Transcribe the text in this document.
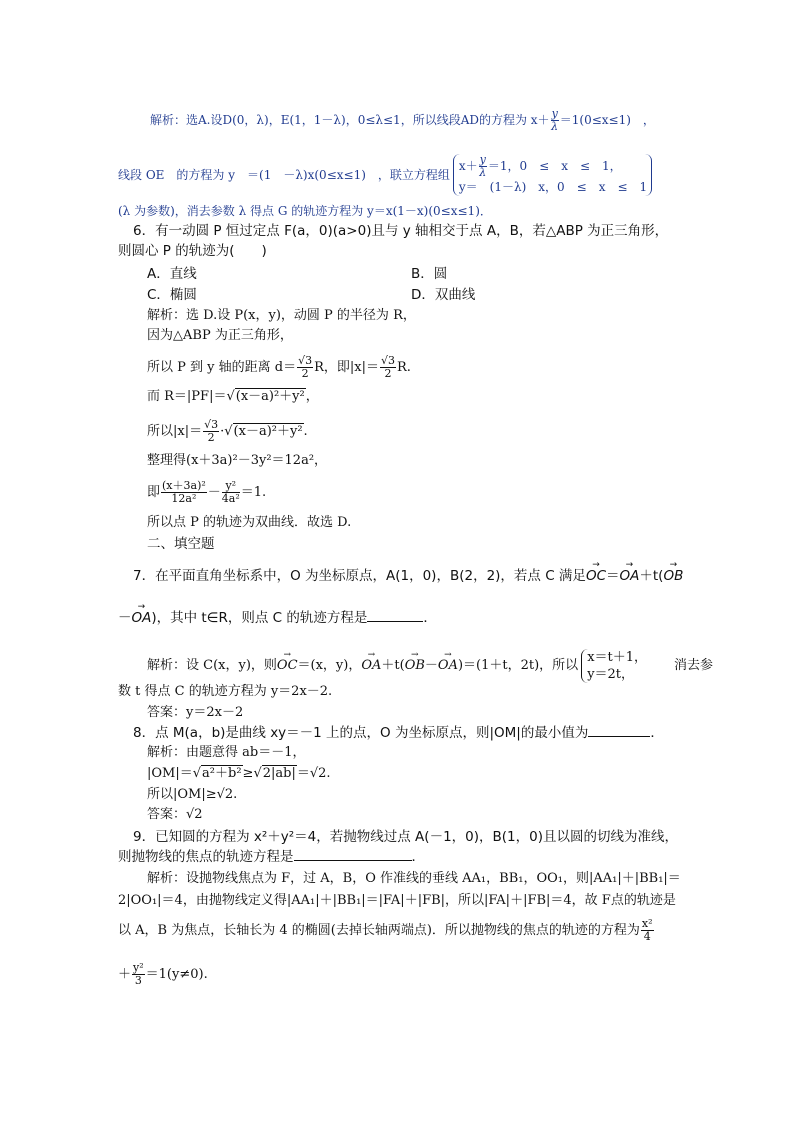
解析：选A.设D(0，λ)，E(1，1－λ)，0≤λ≤1，所以线段AD的方程为 $x+ \frac{y}{\lambda} =1(0\le x\le 1)$　，
线段 OE　的方程为 y　＝(1　－λ)x(0≤x≤1)　，联立方程组
$x+ \frac{y}{\lambda} =1$，0　≤　x　≤　1，
y＝　(1－λ)　x，0　≤　x　≤　1
(λ 为参数)，消去参数 λ 得点 G 的轨迹方程为 y＝x(1－x)(0≤x≤1)．
6．有一动圆 P 恒过定点 F(a，0)(a>0)且与 y 轴相交于点 A，B，若△ABP 为正三角形，
则圆心 P 的轨迹为(　　)
A．直线	B．圆
C．椭圆	D．双曲线
解析：选 D.设 P(x，y)，动圆 P 的半径为 R，
因为△ABP 为正三角形，
所以 P 到 y 轴的距离 $d= \frac{√3}{2}$ R，即$|x|= \frac{√3}{2} R$.
而 R＝|PF|＝√(x－a)²＋y²，
所以$|x|= \frac{√3}{2} \cdot√(x-a)^2+y^2$.
整理得(x＋3a)²－3y²＝12a²，
即 $\frac{\text{(x＋3a)²}}{\text{12a²}} - \frac{\text{y²}}{\text{4a²}} =1$.
所以点 P 的轨迹为双曲线．故选 D.
二、填空题
7．在平面直角坐标系中，O 为坐标原点，A(1，0)，B(2，2)，若点 C 满足→ OC＝→ OA＋t(→ OB
－→ OA)，其中 t∈R，则点 C 的轨迹方程是	．
解析：设 C(x，y)，则→ OC＝(x，y)，→ OA＋t(→ OB－→ OA)＝(1＋t，2t)，所以
x＝t＋1，
y＝2t，
消去参
数 t 得点 C 的轨迹方程为 y＝2x－2.
答案：y＝2x－2
8．点 M(a，b)是曲线 xy＝－1 上的点，O 为坐标原点，则|OM|的最小值为	．
解析：由题意得 ab＝－1，
|OM|＝√a²＋b²≥√2|ab|＝√2.
所以|OM|≥√2.
答案：√2
9．已知圆的方程为 x²＋y²＝4，若抛物线过点 A(－1，0)，B(1，0)且以圆的切线为准线，
则抛物线的焦点的轨迹方程是	．
解析：设抛物线焦点为 F，过 A，B，O 作准线的垂线 AA₁，BB₁，OO₁，则|AA₁|＋|BB₁|＝
2|OO₁|＝4，由抛物线定义得|AA₁|＋|BB₁|＝|FA|＋|FB|，所以|FA|＋|FB|＝4，故 F点的轨迹是
以 A，B 为焦点，长轴长为 4 的椭圆(去掉长轴两端点)．所以抛物线的焦点的轨迹的方程为 $\frac{\text{x²}}{4}$
＋ $\frac{\text{y²}}{3} =1(y\ne 0)$.
